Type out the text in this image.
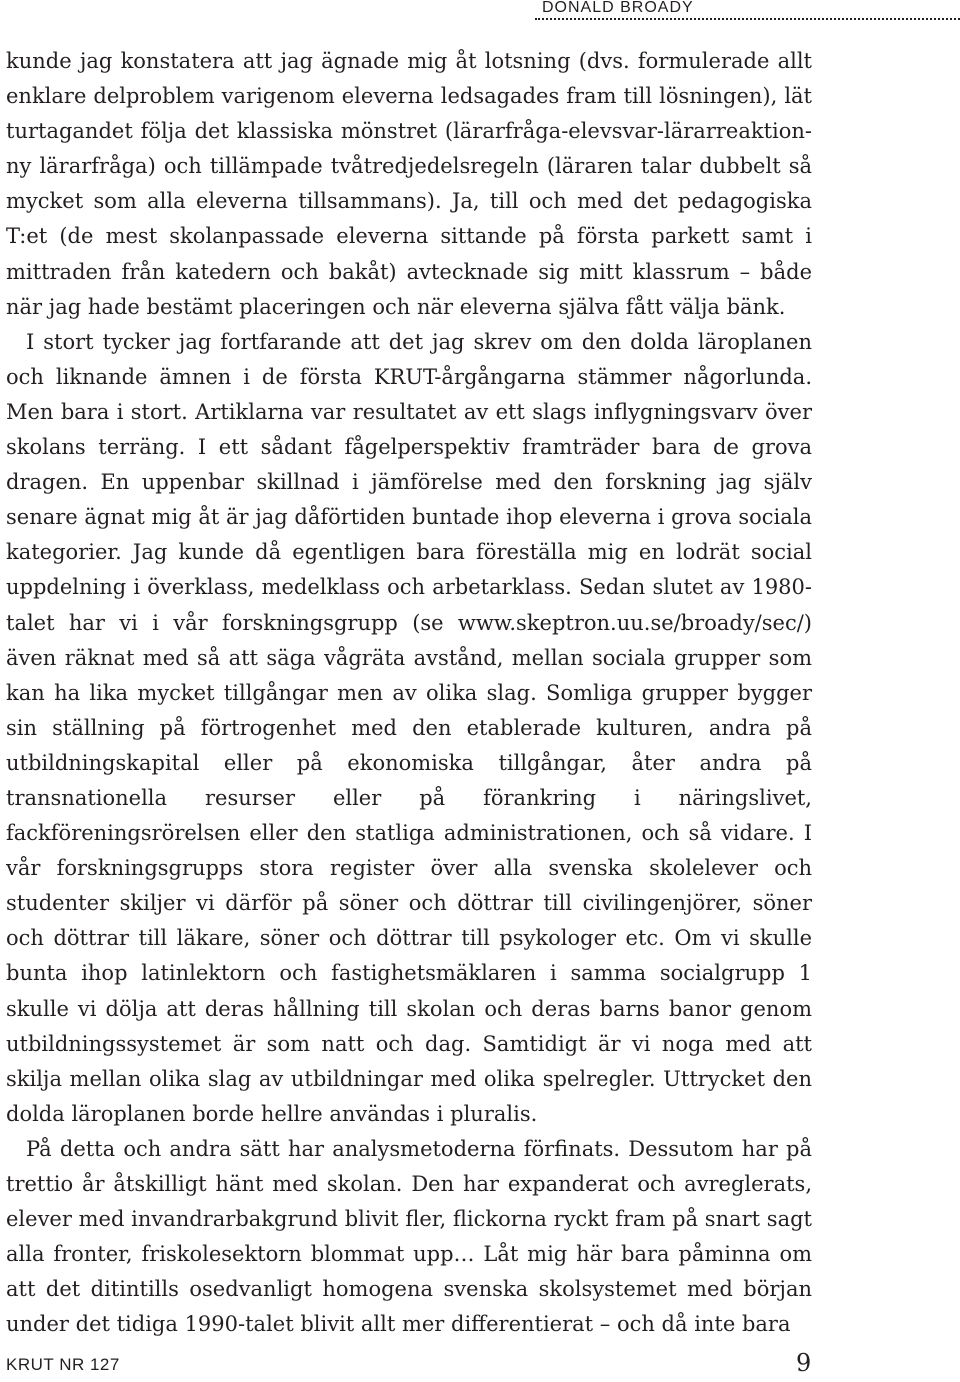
DONALD BROADY

kunde jag konstatera att jag ägnade mig åt lotsning (dvs. formulerade allt enklare delproblem varigenom eleverna ledsagades fram till lösningen), lät turtagandet följa det klassiska mönstret (lärarfråga-elevsvar-lärarreaktionny lärarfråga) och tillämpade tvåtredjedelsregeln (läraren talar dubbelt så mycket som alla eleverna tillsammans). Ja, till och med det pedagogiska T:et (de mest skolanpassade eleverna sittande på första parkett samt i mittraden från katedern och bakåt) avtecknade sig mitt klassrum – både när jag hade bestämt placeringen och när eleverna själva fått välja bänk.

I stort tycker jag fortfarande att det jag skrev om den dolda läroplanen och liknande ämnen i de första KRUT-årgångarna stämmer någorlunda. Men bara i stort. Artiklarna var resultatet av ett slags inflygningsvarv över skolans terräng. I ett sådant fågelperspektiv framträder bara de grova dragen. En uppenbar skillnad i jämförelse med den forskning jag själv senare ägnat mig åt är jag dåförtiden buntade ihop eleverna i grova sociala kategorier. Jag kunde då egentligen bara föreställa mig en lodrät social uppdelning i överklass, medelklass och arbetarklass. Sedan slutet av 1980-talet har vi i vår forskningsgrupp (se www.skeptron.uu.se/broady/sec/) även räknat med så att säga vågräta avstånd, mellan sociala grupper som kan ha lika mycket tillgångar men av olika slag. Somliga grupper bygger sin ställning på förtrogenhet med den etablerade kulturen, andra på utbildningskapital eller på ekonomiska tillgångar, åter andra på transnationella resurser eller på förankring i näringslivet, fackföreningsrörelsen eller den statliga administrationen, och så vidare. I vår forskningsgrupps stora register över alla svenska skolelever och studenter skiljer vi därför på söner och döttrar till civilingenjörer, söner och döttrar till läkare, söner och döttrar till psykologer etc. Om vi skulle bunta ihop latinlektorn och fastighetsmäklaren i samma socialgrupp 1 skulle vi dölja att deras hållning till skolan och deras barns banor genom utbildningssystemet är som natt och dag. Samtidigt är vi noga med att skilja mellan olika slag av utbildningar med olika spelregler. Uttrycket den dolda läroplanen borde hellre användas i pluralis.

På detta och andra sätt har analysmetoderna förfinats. Dessutom har på trettio år åtskilligt hänt med skolan. Den har expanderat och avreglerats, elever med invandrarbakgrund blivit fler, flickorna ryckt fram på snart sagt alla fronter, friskolesektorn blommat upp… Låt mig här bara påminna om att det ditintills osedvanligt homogena svenska skolsystemet med början under det tidiga 1990-talet blivit allt mer differentierat – och då inte bara

KRUT NR 127	9
